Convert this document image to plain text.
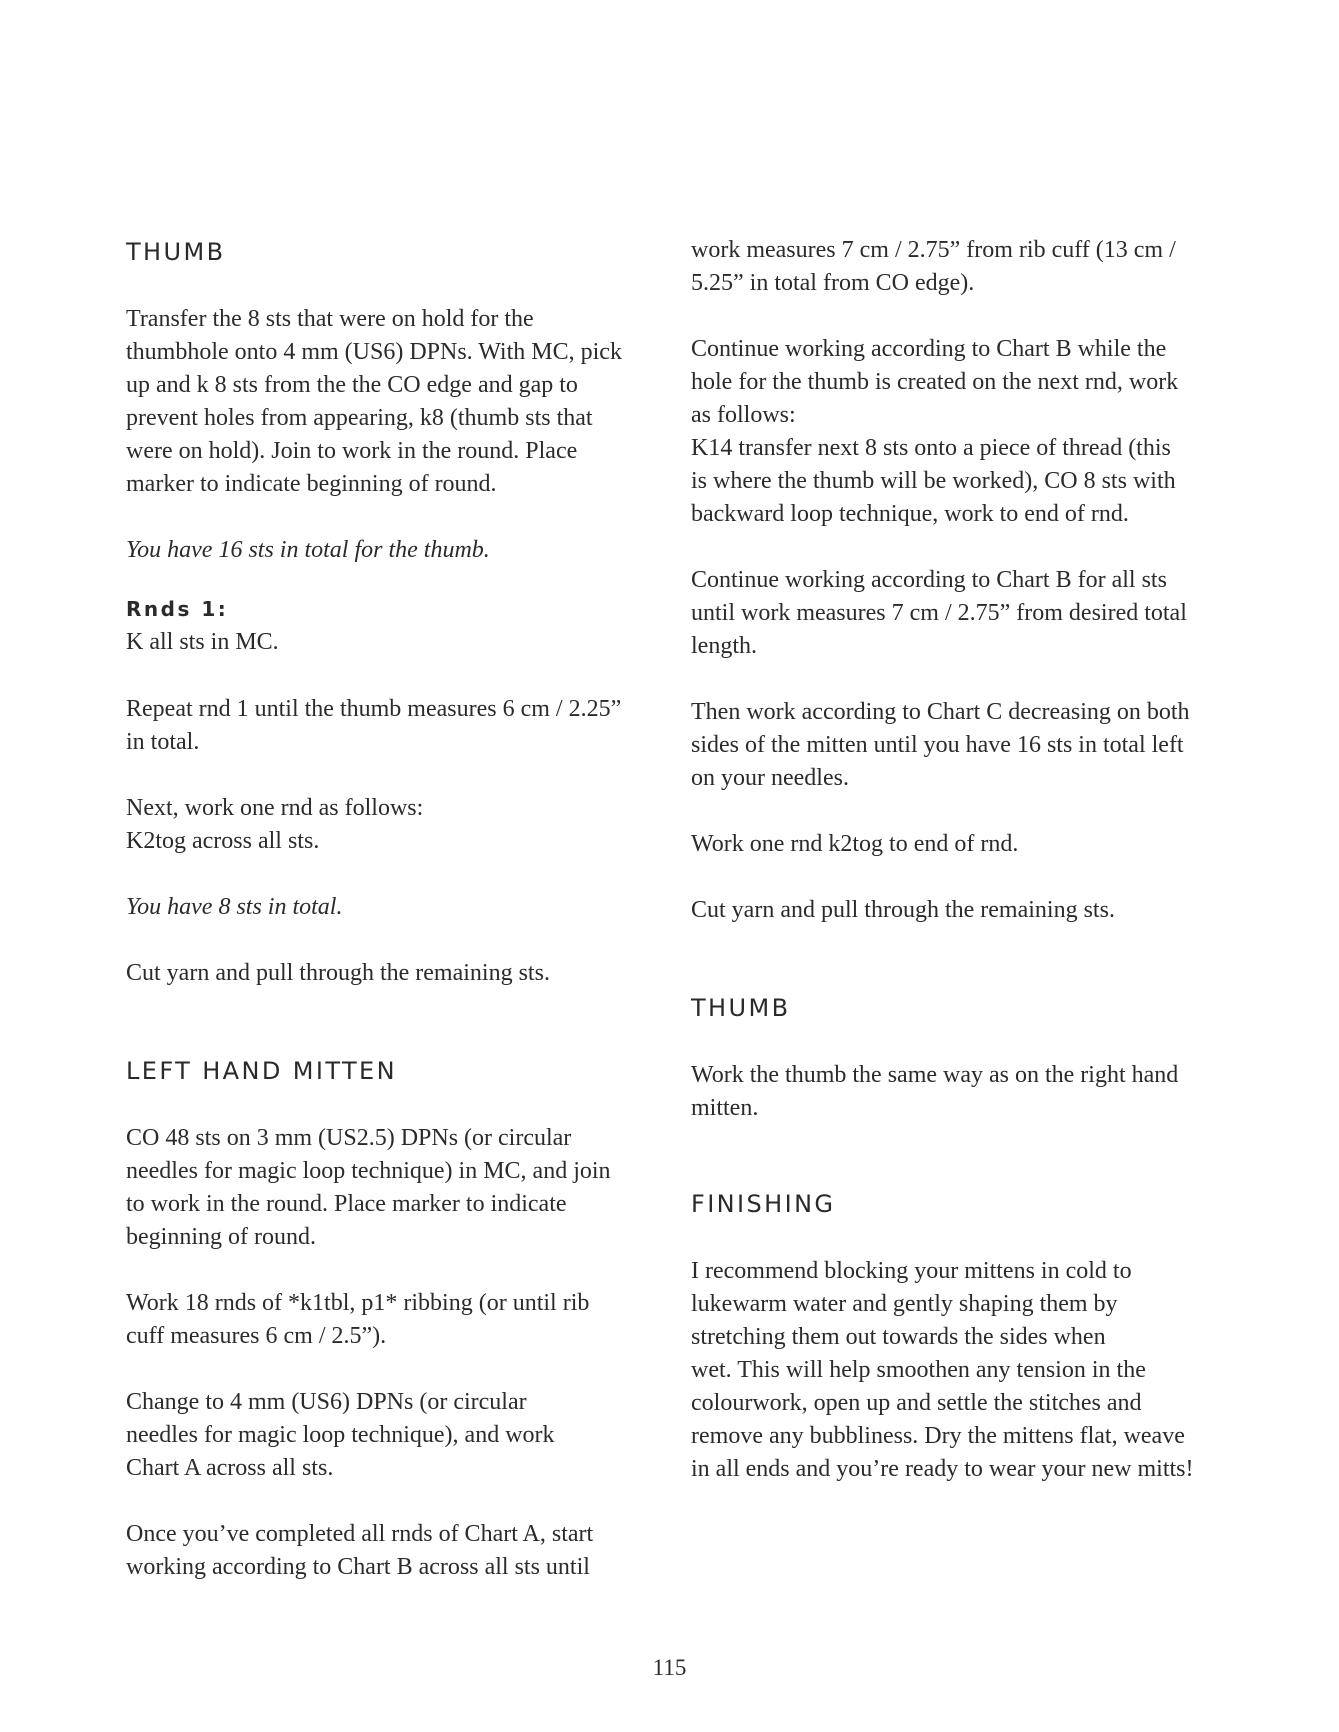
THUMB

Transfer the 8 sts that were on hold for the
thumbhole onto 4 mm (US6) DPNs. With MC, pick
up and k 8 sts from the the CO edge and gap to
prevent holes from appearing, k8 (thumb sts that
were on hold). Join to work in the round. Place
marker to indicate beginning of round.

You have 16 sts in total for the thumb.

Rnds 1:

K all sts in MC.

Repeat rnd 1 until the thumb measures 6 cm / 2.25”
in total.

Next, work one rnd as follows:
K2tog across all sts.

You have 8 sts in total.

Cut yarn and pull through the remaining sts.

LEFT HAND MITTEN

CO 48 sts on 3 mm (US2.5) DPNs (or circular
needles for magic loop technique) in MC, and join
to work in the round. Place marker to indicate
beginning of round.

Work 18 rnds of *k1tbl, p1* ribbing (or until rib
cuff measures 6 cm / 2.5”).

Change to 4 mm (US6) DPNs (or circular
needles for magic loop technique), and work
Chart A across all sts.

Once you’ve completed all rnds of Chart A, start
working according to Chart B across all sts until

work measures 7 cm / 2.75” from rib cuff (13 cm /
5.25” in total from CO edge).

Continue working according to Chart B while the
hole for the thumb is created on the next rnd, work
as follows:
K14 transfer next 8 sts onto a piece of thread (this
is where the thumb will be worked), CO 8 sts with
backward loop technique, work to end of rnd.

Continue working according to Chart B for all sts
until work measures 7 cm / 2.75” from desired total
length.

Then work according to Chart C decreasing on both
sides of the mitten until you have 16 sts in total left
on your needles.

Work one rnd k2tog to end of rnd.

Cut yarn and pull through the remaining sts.

THUMB

Work the thumb the same way as on the right hand
mitten.

FINISHING

I recommend blocking your mittens in cold to
lukewarm water and gently shaping them by
stretching them out towards the sides when
wet. This will help smoothen any tension in the
colourwork, open up and settle the stitches and
remove any bubbliness. Dry the mittens flat, weave
in all ends and you’re ready to wear your new mitts!

115
